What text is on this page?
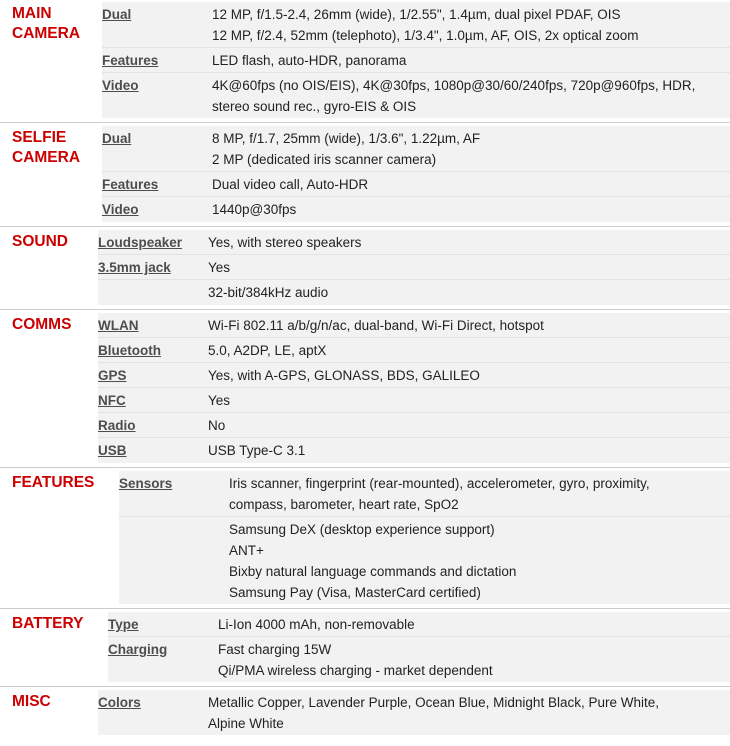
MAIN
CAMERA
Dual	12 MP, f/1.5-2.4, 26mm (wide), 1/2.55", 1.4µm, dual pixel PDAF, OIS
12 MP, f/2.4, 52mm (telephoto), 1/3.4", 1.0µm, AF, OIS, 2x optical zoom
Features	LED flash, auto-HDR, panorama
Video	4K@60fps (no OIS/EIS), 4K@30fps, 1080p@30/60/240fps, 720p@960fps, HDR,
stereo sound rec., gyro-EIS & OIS
SELFIE
CAMERA
Dual	8 MP, f/1.7, 25mm (wide), 1/3.6", 1.22µm, AF
2 MP (dedicated iris scanner camera)
Features	Dual video call, Auto-HDR
Video	1440p@30fps
SOUND	Loudspeaker	Yes, with stereo speakers
3.5mm jack	Yes
32-bit/384kHz audio
COMMS	WLAN	Wi-Fi 802.11 a/b/g/n/ac, dual-band, Wi-Fi Direct, hotspot
Bluetooth	5.0, A2DP, LE, aptX
GPS	Yes, with A-GPS, GLONASS, BDS, GALILEO
NFC	Yes
Radio	No
USB	USB Type-C 3.1
FEATURES	Sensors	Iris scanner, fingerprint (rear-mounted), accelerometer, gyro, proximity,
compass, barometer, heart rate, SpO2
Samsung DeX (desktop experience support)
ANT+
Bixby natural language commands and dictation
Samsung Pay (Visa, MasterCard certified)
BATTERY	Type	Li-Ion 4000 mAh, non-removable
Charging	Fast charging 15W
Qi/PMA wireless charging - market dependent
MISC	Colors	Metallic Copper, Lavender Purple, Ocean Blue, Midnight Black, Pure White,
Alpine White
